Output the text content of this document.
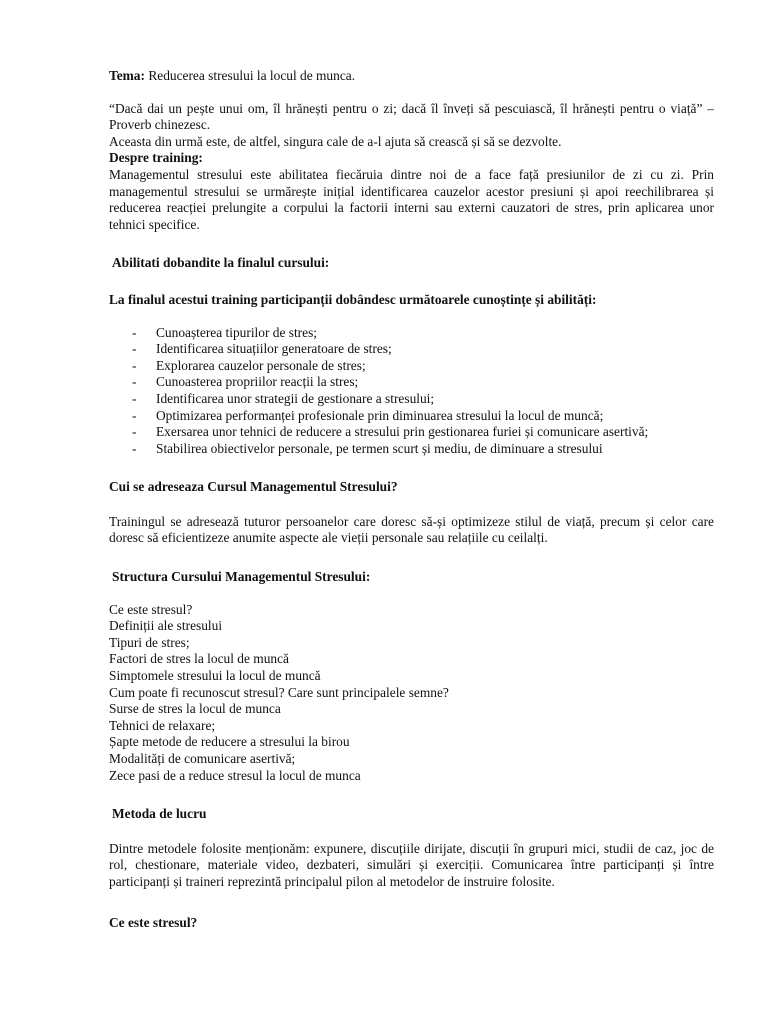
Tema: Reducerea stresului la locul de munca.

“Dacă dai un pește unui om, îl hrănești pentru o zi; dacă îl înveți să pescuiască, îl hrănești pentru o viață” – Proverb chinezesc.

Aceasta din urmă este, de altfel, singura cale de a-l ajuta să crească și să se dezvolte.

Despre training:

Managementul stresului este abilitatea fiecăruia dintre noi de a face față presiunilor de zi cu zi. Prin managementul stresului se urmărește inițial identificarea cauzelor acestor presiuni și apoi reechilibrarea și reducerea reacției prelungite a corpului la factorii interni sau externi cauzatori de stres, prin aplicarea unor tehnici specifice.

Abilitati dobandite la finalul cursului:

La finalul acestui training participanții dobândesc următoarele cunoștințe și abilități:

- Cunoașterea tipurilor de stres;
- Identificarea situațiilor generatoare de stres;
- Explorarea cauzelor personale de stres;
- Cunoasterea propriilor reacții la stres;
- Identificarea unor strategii de gestionare a stresului;
- Optimizarea performanței profesionale prin diminuarea stresului la locul de muncă;
- Exersarea unor tehnici de reducere a stresului prin gestionarea furiei și comunicare asertivă;
- Stabilirea obiectivelor personale, pe termen scurt și mediu, de diminuare a stresului

Cui se adreseaza Cursul Managementul Stresului?

Trainingul se adresează tuturor persoanelor care doresc să-și optimizeze stilul de viață, precum și celor care doresc să eficientizeze anumite aspecte ale vieții personale sau relațiile cu ceilalți.

Structura Cursului Managementul Stresului:

Ce este stresul?

Definiții ale stresului

Tipuri de stres;

Factori de stres la locul de muncă

Simptomele stresului la locul de muncă

Cum poate fi recunoscut stresul? Care sunt principalele semne?

Surse de stres la locul de munca

Tehnici de relaxare;

Șapte metode de reducere a stresului la birou

Modalități de comunicare asertivă;

Zece pasi de a reduce stresul la locul de munca

Metoda de lucru

Dintre metodele folosite menționăm: expunere, discuțiile dirijate, discuții în grupuri mici, studii de caz, joc de rol, chestionare, materiale video, dezbateri, simulări și exerciții. Comunicarea între participanți și între participanți și traineri reprezintă principalul pilon al metodelor de instruire folosite.

Ce este stresul?
